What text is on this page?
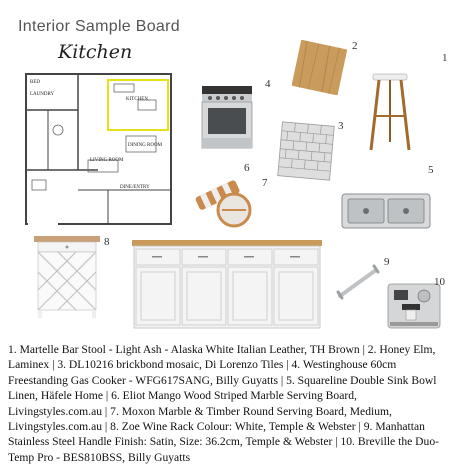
Interior Sample Board
Kitchen
BED
LAUNDRY
KITCHEN
DINING ROOM
LIVING ROOM
DINE/ENTRY
2
1
4
3
6
7
5
8
9
10
1. Martelle Bar Stool - Light Ash - Alaska White Italian Leather, TH Brown | 2. Honey Elm, Laminex | 3. DL10216 brickbond mosaic, Di Lorenzo Tiles | 4. Westinghouse 60cm Freestanding Gas Cooker - WFG617SANG, Billy Guyatts | 5. Squareline Double Sink Bowl Linen, Häfele Home | 6. Eliot Mango Wood Striped Marble Serving Board, Livingstyles.com.au | 7. Moxon Marble & Timber Round Serving Board, Medium, Livingstyles.com.au | 8. Zoe Wine Rack Colour: White, Temple & Webster | 9. Manhattan Stainless Steel Handle Finish: Satin, Size: 36.2cm, Temple & Webster | 10. Breville the Duo-Temp Pro - BES810BSS, Billy Guyatts
